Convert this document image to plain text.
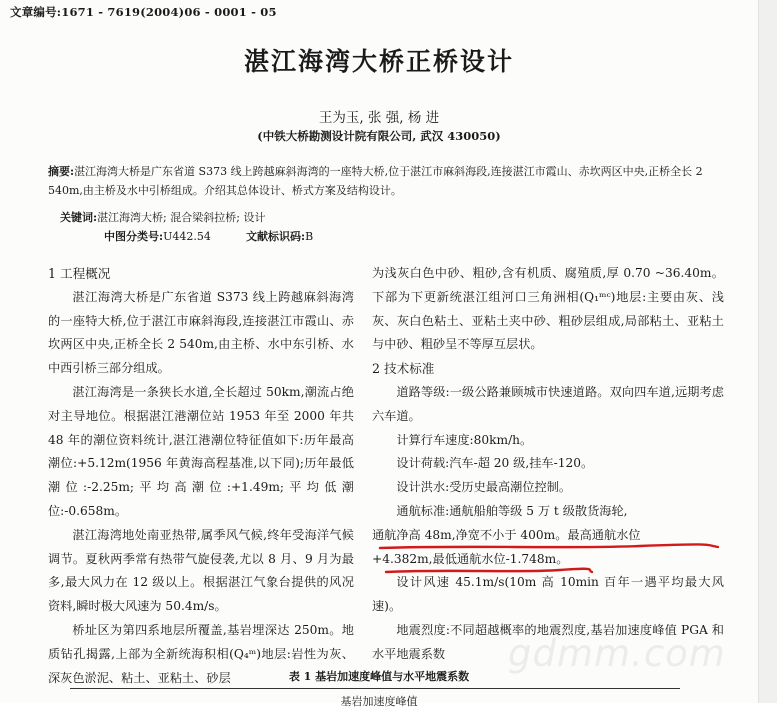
文章编号:1671 - 7619(2004)06 - 0001 - 05
湛江海湾大桥正桥设计
王为玉, 张 强, 杨 进
(中铁大桥勘测设计院有限公司, 武汉 430050)
摘要:湛江海湾大桥是广东省道 S373 线上跨越麻斜海湾的一座特大桥,位于湛江市麻斜海段,连接湛江市霞山、赤坎两区中央,正桥全长 2 540m,由主桥及水中引桥组成。介绍其总体设计、桥式方案及结构设计。
关键词:湛江海湾大桥; 混合梁斜拉桥; 设计
中图分类号:U442.54	文献标识码:B
1 工程概况

湛江海湾大桥是广东省道 S373 线上跨越麻斜海湾的一座特大桥,位于湛江市麻斜海段,连接湛江市霞山、赤坎两区中央,正桥全长 2 540m,由主桥、水中东引桥、水中西引桥三部分组成。

湛江海湾是一条狭长水道,全长超过 50km,潮流占绝对主导地位。根据湛江港潮位站 1953 年至 2000 年共 48 年的潮位资料统计,湛江港潮位特征值如下:历年最高潮位:+5.12m(1956 年黄海高程基准,以下同);历年最低潮位:-2.25m;平均高潮位:+1.49m;平均低潮位:-0.658m。

湛江海湾地处南亚热带,属季风气候,终年受海洋气候调节。夏秋两季常有热带气旋侵袭,尤以 8 月、9 月为最多,最大风力在 12 级以上。根据湛江气象台提供的风况资料,瞬时极大风速为 50.4m/s。

桥址区为第四系地层所覆盖,基岩埋深达 250m。地质钻孔揭露,上部为全新统海积相(Q₄ᵐ)地层:岩性为灰、深灰色淤泥、粘土、亚粘土、砂层

为浅灰白色中砂、粗砂,含有机质、腐殖质,厚 0.70 ~36.40m。下部为下更新统湛江组河口三角洲相(Q₁ᵐᶜ)地层:主要由灰、浅灰、灰白色粘土、亚粘土夹中砂、粗砂层组成,局部粘土、亚粘土与中砂、粗砂呈不等厚互层状。

2 技术标准

道路等级:一级公路兼顾城市快速道路。双向四车道,远期考虑六车道。

计算行车速度:80km/h。

设计荷载:汽车-超 20 级,挂车-120。

设计洪水:受历史最高潮位控制。

通航标准:通航船舶等级 5 万 t 级散货海轮,

通航净高 48m,净宽不小于 400m。最高通航水位
+4.382m,最低通航水位-1.748m。

设计风速 45.1m/s(10m 高 10min 百年一遇平均最大风速)。

地震烈度:不同超越概率的地震烈度,基岩加速度峰值 PGA 和水平地震系数

表 1 基岩加速度峰值与水平地震系数
基岩加速度峰值
gdmm.com
